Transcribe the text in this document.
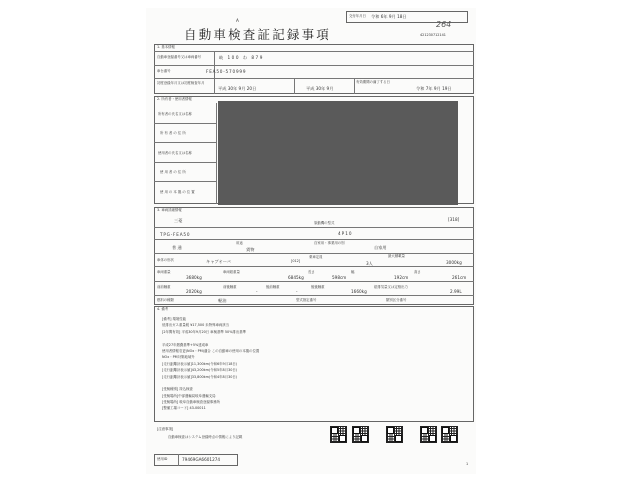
A
自動車検査証記録事項
交付年月日 令和 6年 9月 18日
264
421230712141
1. 基本情報
自動車登録番号又は車両番号	岐 100 わ 879
車台番号	FEA50-570999
初度登録年月又は初度検査年月
平成 30年 9月 20日	平成 30年 9月
有効期間の満了する日
令和 7年 9月 19日
2. 所有者・使用者情報
所有者の氏名又は名称
所 有 者 の 住 所
使用者の氏名又は名称
使 用 者 の 住 所
使 用 の 本 拠 の 位 置
3. 車両詳細情報
[318]
三菱
TPG-FEA50
原動機の型式
4P10
普 通
用途
貨物
自家用・事業用の別
自家用
車体の形状	キャブオーバ	[012]
乗車定員
3人
最大積載量
3000kg
車両重量
3680kg
車両総重量
6845kg
長さ
598cm
幅
192cm
高さ
261cm
前前軸重
2020kg
前後軸重
-
後前軸重
-
後後軸重
1660kg
総排気量又は定格出力
2.99L
燃料の種類	軽油	型式指定番号	類別区分番号
4. 備考
[備考] 環境性能
低排出ガス重量税 ¥17,500 未特殊車両該当
[2年間有効] 平成30年9月20日 車検基準 50%排出基準
平成27年燃費基準+5%達成車
使用者情報変更(NOx・PM)適合 この自動車の使用の本拠の位置
NOx・PM対策地域外
[走行距離計表示値]11,300km(令和6年9月18日)
[走行距離計表示値]43,200km(令和5年8月30日)
[走行距離計表示値]33,800km(令和4年8月30日)
[受検種別] 持込検査
[受検場所]中部運輸局岐阜運輸支局
[受検場所] 岐阜自動車検査登録事務所
[整備工場コード] 43-00011
[注意事項]
自動車検査はシステム登録時点の情報により記載
使用ID	79469GA6601274
1
